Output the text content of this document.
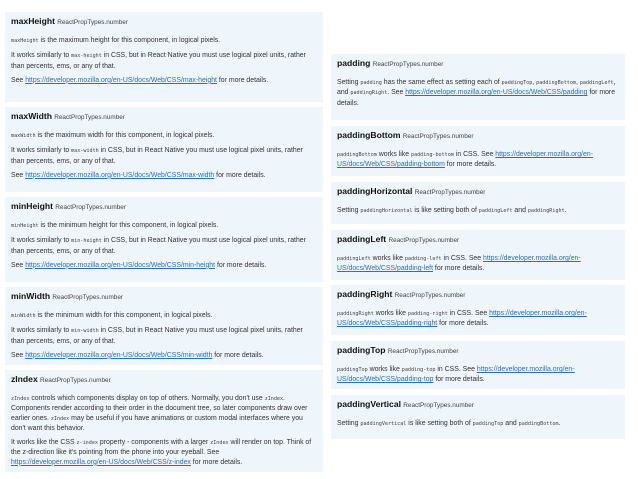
maxHeight ReactPropTypes.number

maxHeight is the maximum height for this component, in logical pixels.

It works similarly to max-height in CSS, but in React Native you must use logical pixel units, rather than percents, ems, or any of that.

See https://developer.mozilla.org/en-US/docs/Web/CSS/max-height for more details.

maxWidth ReactPropTypes.number

maxWidth is the maximum width for this component, in logical pixels.

It works similarly to max-width in CSS, but in React Native you must use logical pixel units, rather than percents, ems, or any of that.

See https://developer.mozilla.org/en-US/docs/Web/CSS/max-width for more details.

minHeight ReactPropTypes.number

minHeight is the minimum height for this component, in logical pixels.

It works similarly to min-height in CSS, but in React Native you must use logical pixel units, rather than percents, ems, or any of that.

See https://developer.mozilla.org/en-US/docs/Web/CSS/min-height for more details.

minWidth ReactPropTypes.number

minWidth is the minimum width for this component, in logical pixels.

It works similarly to min-width in CSS, but in React Native you must use logical pixel units, rather than percents, ems, or any of that.

See https://developer.mozilla.org/en-US/docs/Web/CSS/min-width for more details.

zIndex ReactPropTypes.number

zIndex controls which components display on top of others. Normally, you don't use zIndex. Components render according to their order in the document tree, so later components draw over earlier ones. zIndex may be useful if you have animations or custom modal interfaces where you don't want this behavior.

It works like the CSS z-index property - components with a larger zIndex will render on top. Think of the z-direction like it's pointing from the phone into your eyeball. See https://developer.mozilla.org/en-US/docs/Web/CSS/z-index for more details.

padding ReactPropTypes.number

Setting padding has the same effect as setting each of paddingTop, paddingBottom, paddingLeft, and paddingRight. See https://developer.mozilla.org/en-US/docs/Web/CSS/padding for more details.

paddingBottom ReactPropTypes.number

paddingBottom works like padding-bottom in CSS. See https://developer.mozilla.org/en-US/docs/Web/CSS/padding-bottom for more details.

paddingHorizontal ReactPropTypes.number

Setting paddingHorizontal is like setting both of paddingLeft and paddingRight.

paddingLeft ReactPropTypes.number

paddingLeft works like padding-left in CSS. See https://developer.mozilla.org/en-US/docs/Web/CSS/padding-left for more details.

paddingRight ReactPropTypes.number

paddingRight works like padding-right in CSS. See https://developer.mozilla.org/en-US/docs/Web/CSS/padding-right for more details.

paddingTop ReactPropTypes.number

paddingTop works like padding-top in CSS. See https://developer.mozilla.org/en-US/docs/Web/CSS/padding-top for more details.

paddingVertical ReactPropTypes.number

Setting paddingVertical is like setting both of paddingTop and paddingBottom.
